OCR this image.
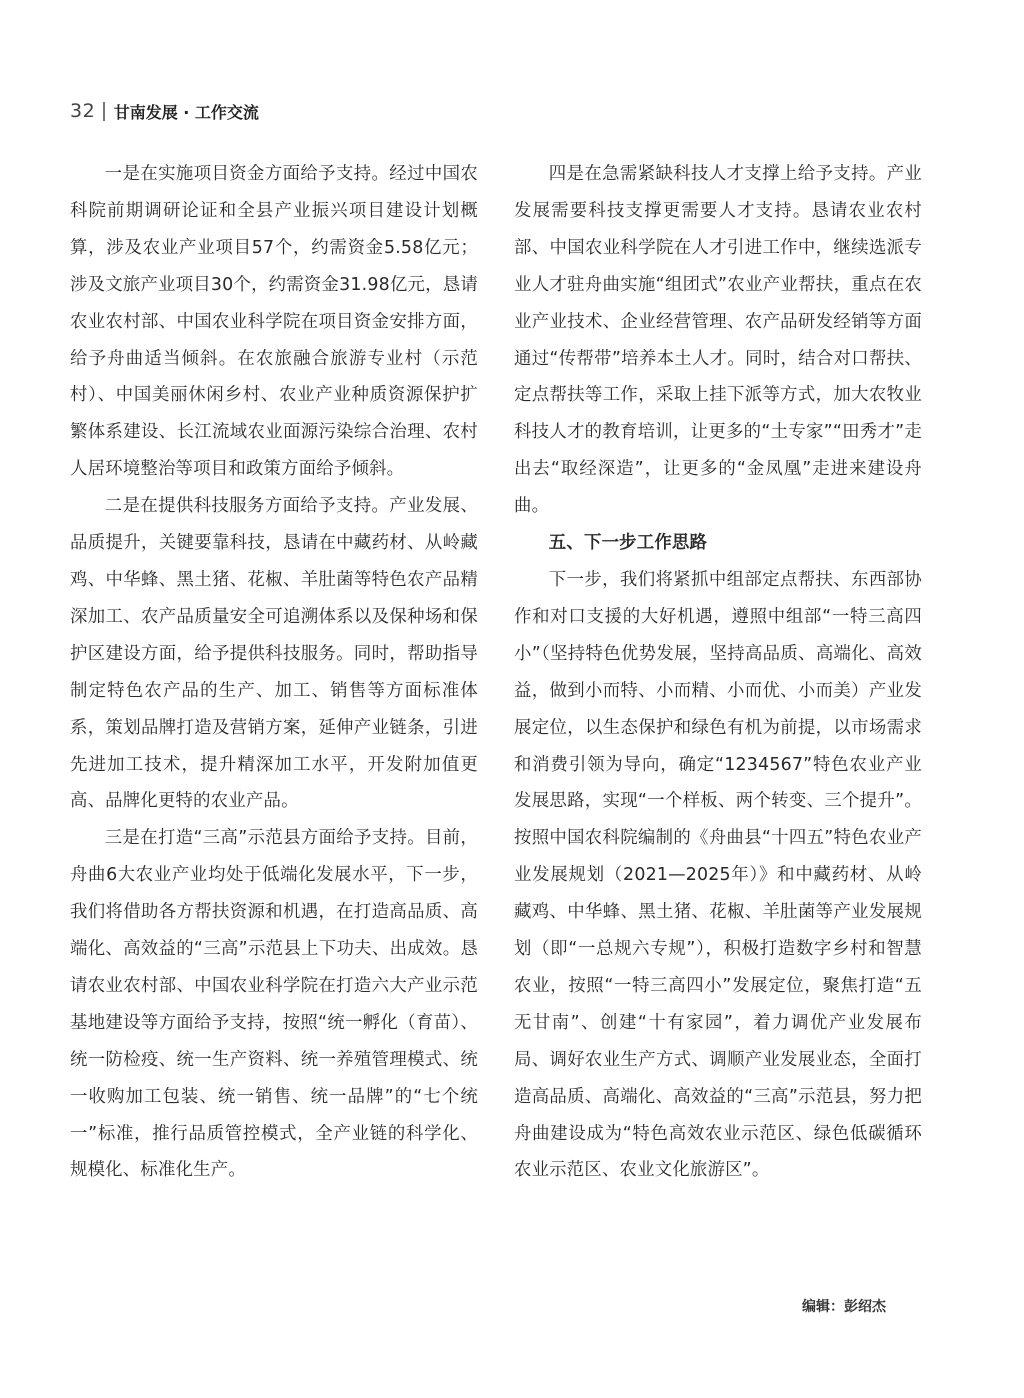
32 甘南发展 · 工作交流

一是在实施项目资金方面给予支持。经过中国农科院前期调研论证和全县产业振兴项目建设计划概算，涉及农业产业项目57个，约需资金5.58亿元；涉及文旅产业项目30个，约需资金31.98亿元，恳请农业农村部、中国农业科学院在项目资金安排方面，给予舟曲适当倾斜。在农旅融合旅游专业村（示范村）、中国美丽休闲乡村、农业产业种质资源保护扩繁体系建设、长江流域农业面源污染综合治理、农村人居环境整治等项目和政策方面给予倾斜。

二是在提供科技服务方面给予支持。产业发展、品质提升，关键要靠科技，恳请在中藏药材、从岭藏鸡、中华蜂、黑土猪、花椒、羊肚菌等特色农产品精深加工、农产品质量安全可追溯体系以及保种场和保护区建设方面，给予提供科技服务。同时，帮助指导制定特色农产品的生产、加工、销售等方面标准体系，策划品牌打造及营销方案，延伸产业链条，引进先进加工技术，提升精深加工水平，开发附加值更高、品牌化更特的农业产品。

三是在打造“三高”示范县方面给予支持。目前，舟曲6大农业产业均处于低端化发展水平，下一步，我们将借助各方帮扶资源和机遇，在打造高品质、高端化、高效益的“三高”示范县上下功夫、出成效。恳请农业农村部、中国农业科学院在打造六大产业示范基地建设等方面给予支持，按照“统一孵化（育苗）、统一防检疫、统一生产资料、统一养殖管理模式、统一收购加工包装、统一销售、统一品牌”的“七个统一”标准，推行品质管控模式，全产业链的科学化、规模化、标准化生产。

四是在急需紧缺科技人才支撑上给予支持。产业发展需要科技支撑更需要人才支持。恳请农业农村部、中国农业科学院在人才引进工作中，继续选派专业人才驻舟曲实施“组团式”农业产业帮扶，重点在农业产业技术、企业经营管理、农产品研发经销等方面通过“传帮带”培养本土人才。同时，结合对口帮扶、定点帮扶等工作，采取上挂下派等方式，加大农牧业科技人才的教育培训，让更多的“土专家”“田秀才”走出去“取经深造”，让更多的“金凤凰”走进来建设舟曲。

五、下一步工作思路

下一步，我们将紧抓中组部定点帮扶、东西部协作和对口支援的大好机遇，遵照中组部“一特三高四小”（坚持特色优势发展，坚持高品质、高端化、高效益，做到小而特、小而精、小而优、小而美）产业发展定位，以生态保护和绿色有机为前提，以市场需求和消费引领为导向，确定“1234567”特色农业产业发展思路，实现“一个样板、两个转变、三个提升”。按照中国农科院编制的《舟曲县“十四五”特色农业产业发展规划（2021—2025年）》和中藏药材、从岭藏鸡、中华蜂、黑土猪、花椒、羊肚菌等产业发展规划（即“一总规六专规”），积极打造数字乡村和智慧农业，按照“一特三高四小”发展定位，聚焦打造“五无甘南”、创建“十有家园”，着力调优产业发展布局、调好农业生产方式、调顺产业发展业态，全面打造高品质、高端化、高效益的“三高”示范县，努力把舟曲建设成为“特色高效农业示范区、绿色低碳循环农业示范区、农业文化旅游区”。

编辑：彭绍杰
